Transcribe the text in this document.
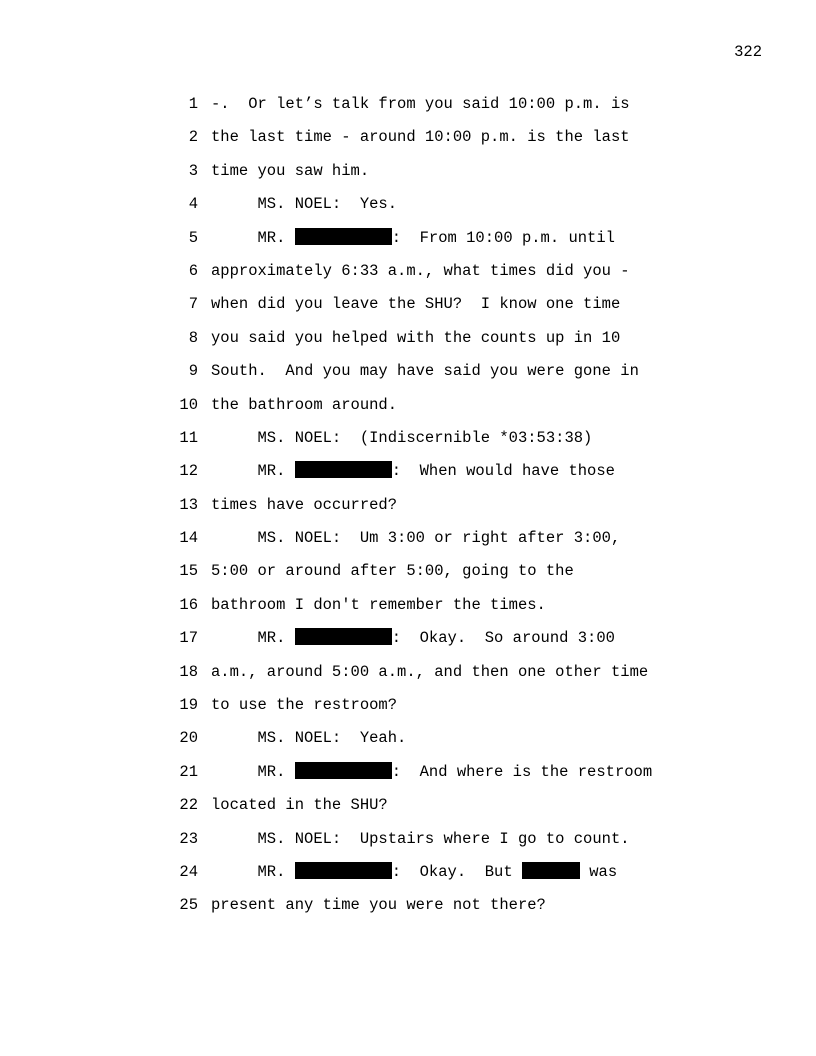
322
1 -.  Or let’s talk from you said 10:00 p.m. is
2 the last time - around 10:00 p.m. is the last
3 time you saw him.
4 MS. NOEL:  Yes.
5 MR.	:  From 10:00 p.m. until
6 approximately 6:33 a.m., what times did you -
7 when did you leave the SHU?  I know one time
8 you said you helped with the counts up in 10
9 South.  And you may have said you were gone in
10 the bathroom around.
11 MS. NOEL:  (Indiscernible *03:53:38)
12 MR.	:  When would have those
13 times have occurred?
14 MS. NOEL:  Um 3:00 or right after 3:00,
15 5:00 or around after 5:00, going to the
16 bathroom I don't remember the times.
17 MR.	:  Okay.  So around 3:00
18 a.m., around 5:00 a.m., and then one other time
19 to use the restroom?
20 MS. NOEL:  Yeah.
21 MR.	:  And where is the restroom
22 located in the SHU?
23 MS. NOEL:  Upstairs where I go to count.
24 MR.	:  Okay.  But	was
25 present any time you were not there?
